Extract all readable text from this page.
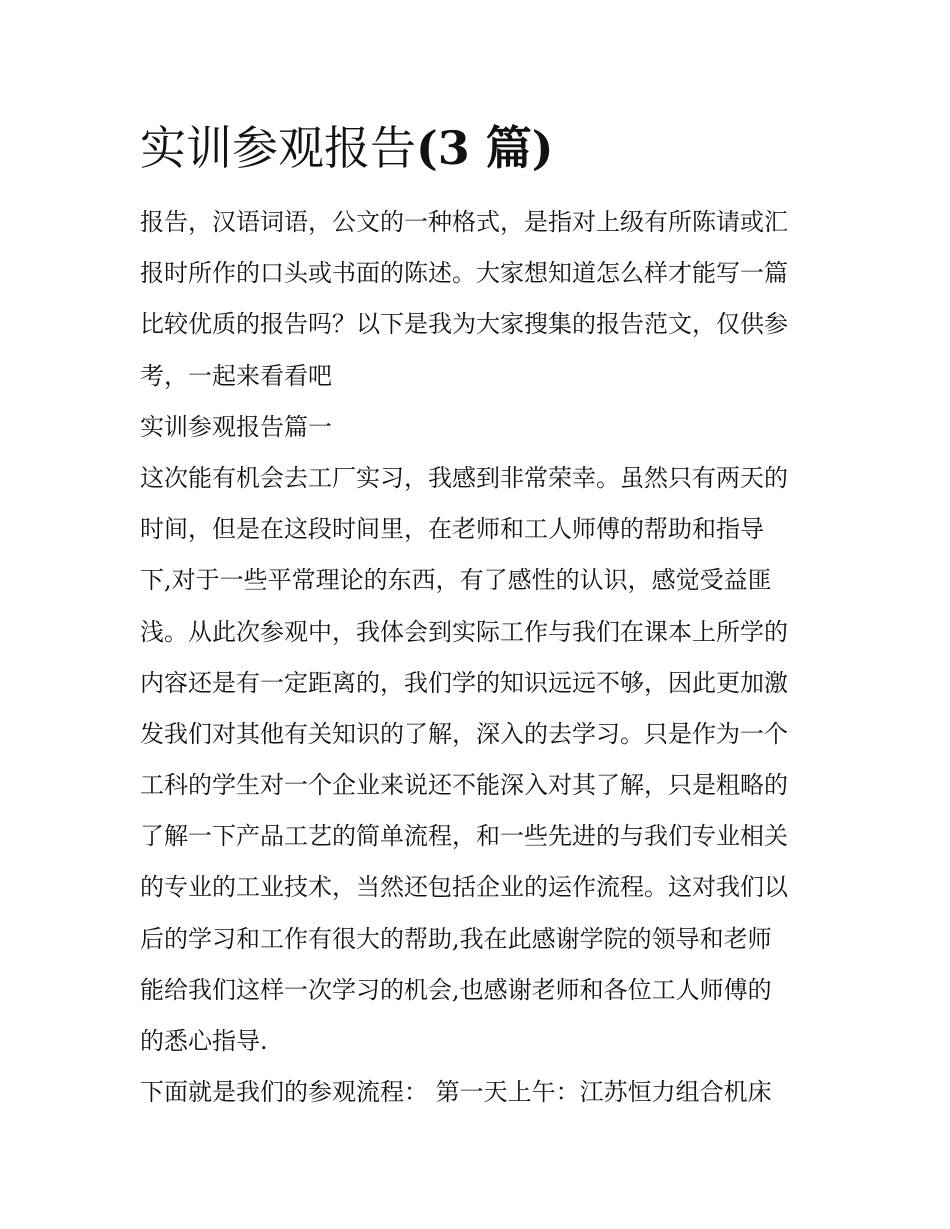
实训参观报告(3 篇)
报告，汉语词语，公文的一种格式，是指对上级有所陈请或汇
报时所作的口头或书面的陈述。大家想知道怎么样才能写一篇
比较优质的报告吗？以下是我为大家搜集的报告范文，仅供参
考，一起来看看吧
实训参观报告篇一
这次能有机会去工厂实习，我感到非常荣幸。虽然只有两天的
时间，但是在这段时间里，在老师和工人师傅的帮助和指导
下,对于一些平常理论的东西，有了感性的认识，感觉受益匪
浅。从此次参观中，我体会到实际工作与我们在课本上所学的
内容还是有一定距离的，我们学的知识远远不够，因此更加激
发我们对其他有关知识的了解，深入的去学习。只是作为一个
工科的学生对一个企业来说还不能深入对其了解，只是粗略的
了解一下产品工艺的简单流程，和一些先进的与我们专业相关
的专业的工业技术，当然还包括企业的运作流程。这对我们以
后的学习和工作有很大的帮助,我在此感谢学院的领导和老师
能给我们这样一次学习的机会,也感谢老师和各位工人师傅的
的悉心指导.
下面就是我们的参观流程： 第一天上午：江苏恒力组合机床
